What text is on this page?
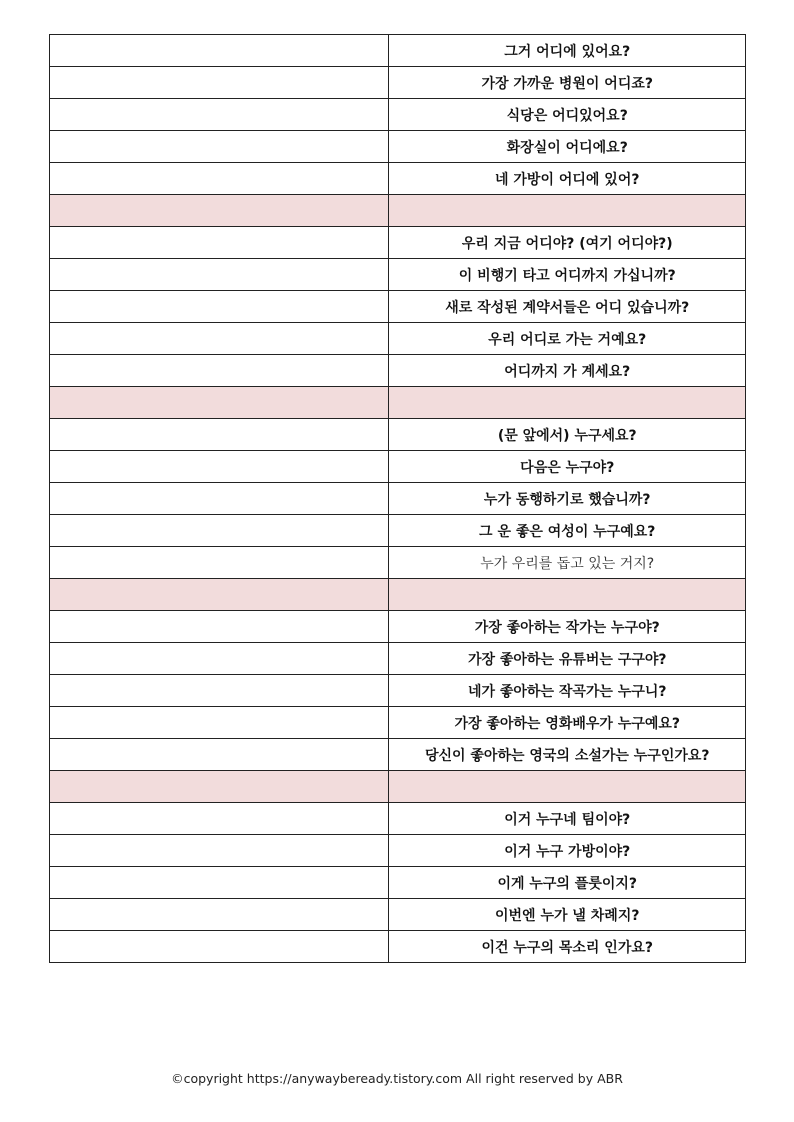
	그거 어디에 있어요?
	가장 가까운 병원이 어디죠?
	식당은 어디있어요?
	화장실이 어디에요?
	네 가방이 어디에 있어?

	우리 지금 어디야? (여기 어디야?)
	이 비행기 타고 어디까지 가십니까?
	새로 작성된 계약서들은 어디 있습니까?
	우리 어디로 가는 거예요?
	어디까지 가 계세요?

	(문 앞에서) 누구세요?
	다음은 누구야?
	누가 동행하기로 했습니까?
	그 운 좋은 여성이 누구예요?
	누가 우리를 돕고 있는 거지?

	가장 좋아하는 작가는 누구야?
	가장 좋아하는 유튜버는 구구야?
	네가 좋아하는 작곡가는 누구니?
	가장 좋아하는 영화배우가 누구예요?
	당신이 좋아하는 영국의 소설가는 누구인가요?

	이거 누구네 팀이야?
	이거 누구 가방이야?
	이게 누구의 플룻이지?
	이번엔 누가 낼 차례지?
	이건 누구의 목소리 인가요?
©copyright https://anywaybeready.tistory.com All right reserved by ABR
